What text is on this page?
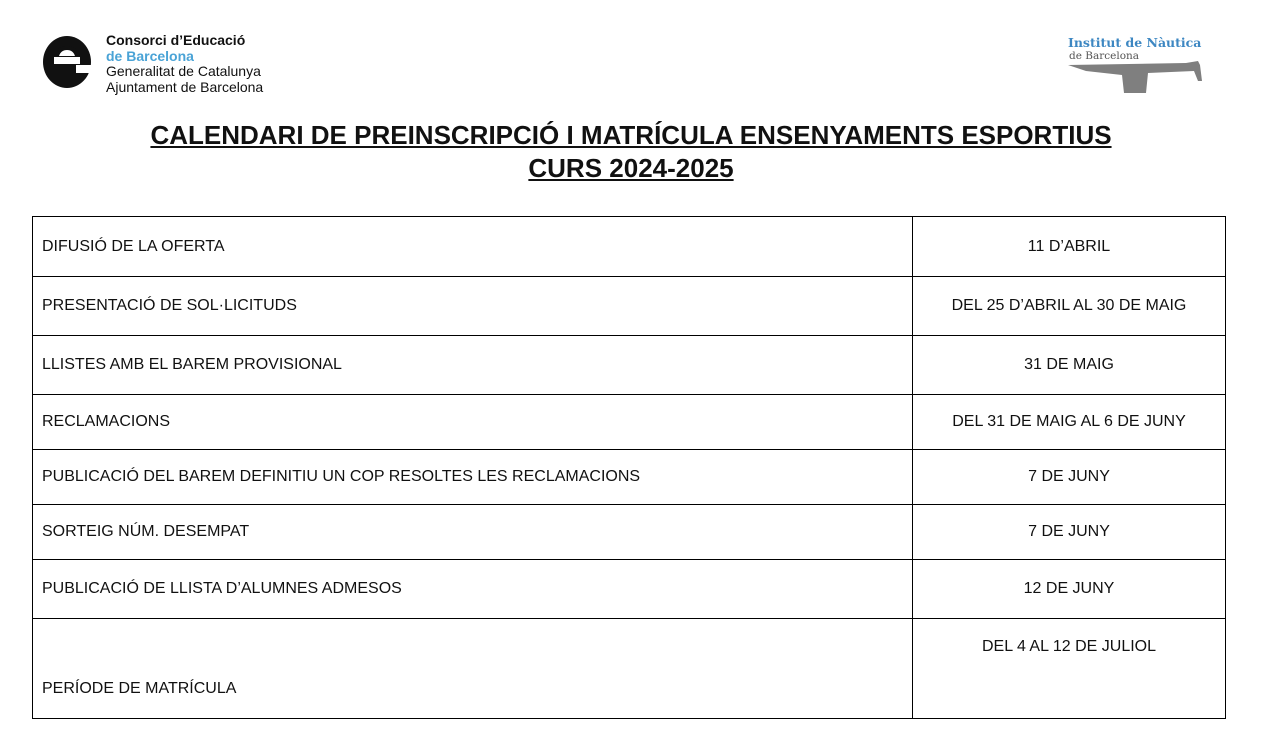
Consorci d’Educació
de Barcelona
Generalitat de Catalunya
Ajuntament de Barcelona
Institut de Nàutica
de Barcelona
CALENDARI DE PREINSCRIPCIÓ I MATRÍCULA ENSENYAMENTS ESPORTIUS
CURS 2024-2025
DIFUSIÓ DE LA OFERTA	11 D’ABRIL
PRESENTACIÓ DE SOL·LICITUDS	DEL 25 D’ABRIL AL 30 DE MAIG
LLISTES AMB EL BAREM PROVISIONAL	31 DE MAIG
RECLAMACIONS	DEL 31 DE MAIG AL 6 DE JUNY
PUBLICACIÓ DEL BAREM DEFINITIU UN COP RESOLTES LES RECLAMACIONS	7 DE JUNY
SORTEIG NÚM. DESEMPAT	7 DE JUNY
PUBLICACIÓ DE LLISTA D’ALUMNES ADMESOS	12 DE JUNY
PERÍODE DE MATRÍCULA	DEL 4 AL 12 DE JULIOL
